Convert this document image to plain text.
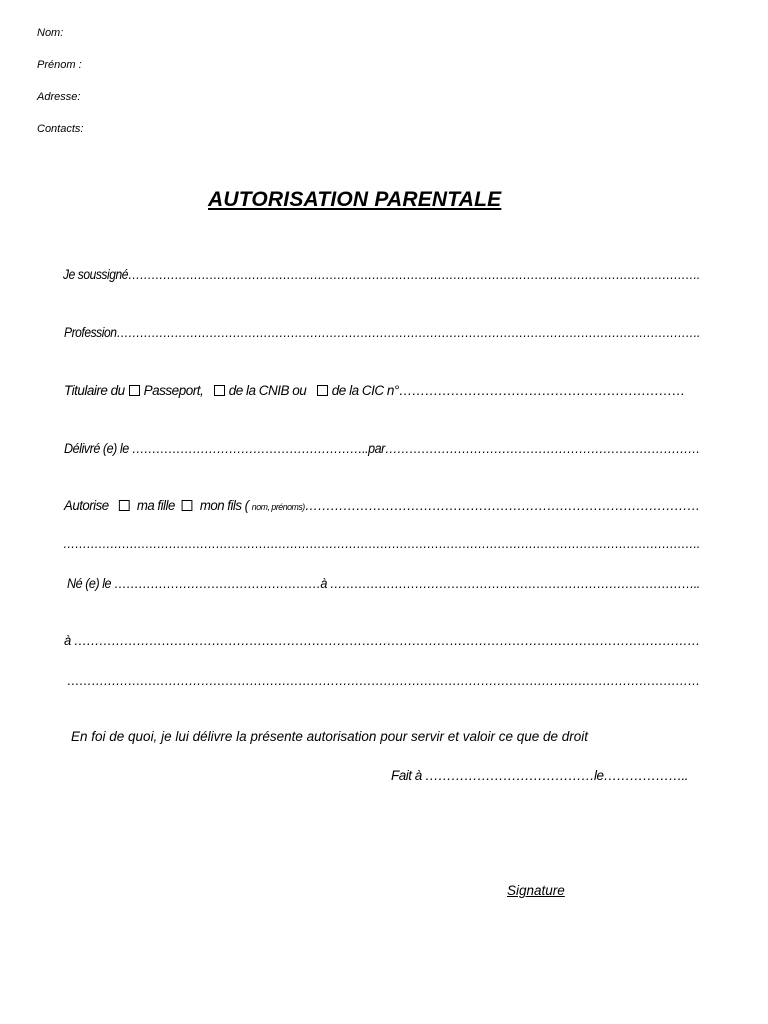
Nom:
Prénom :
Adresse:
Contacts:
AUTORISATION PARENTALE
Je soussigné………………………………………………………………………………………………………………………………….
Profession…………………………………………………………………………………………………………………………………….
Titulaire du Passeport, de la CNIB ou de la CIC n°…………………………………………………………
Délivré (e) le …………………………………………………..par……………………………………………………………………
Autorise ma fille mon fils ( nom, prénoms)…………………………………………………………………………………
……………………………………………………………………………………………………………………………………………….
Né (e) le ……………………………………………à ………………………………………………………………………………..
à ……………………………………………………………………………………………………………………………………
…………………………………………………………………………………………………………………………………………
En foi de quoi, je lui délivre la présente autorisation pour servir et valoir ce que de droit
Fait à …………………………………le………………..
Signature
